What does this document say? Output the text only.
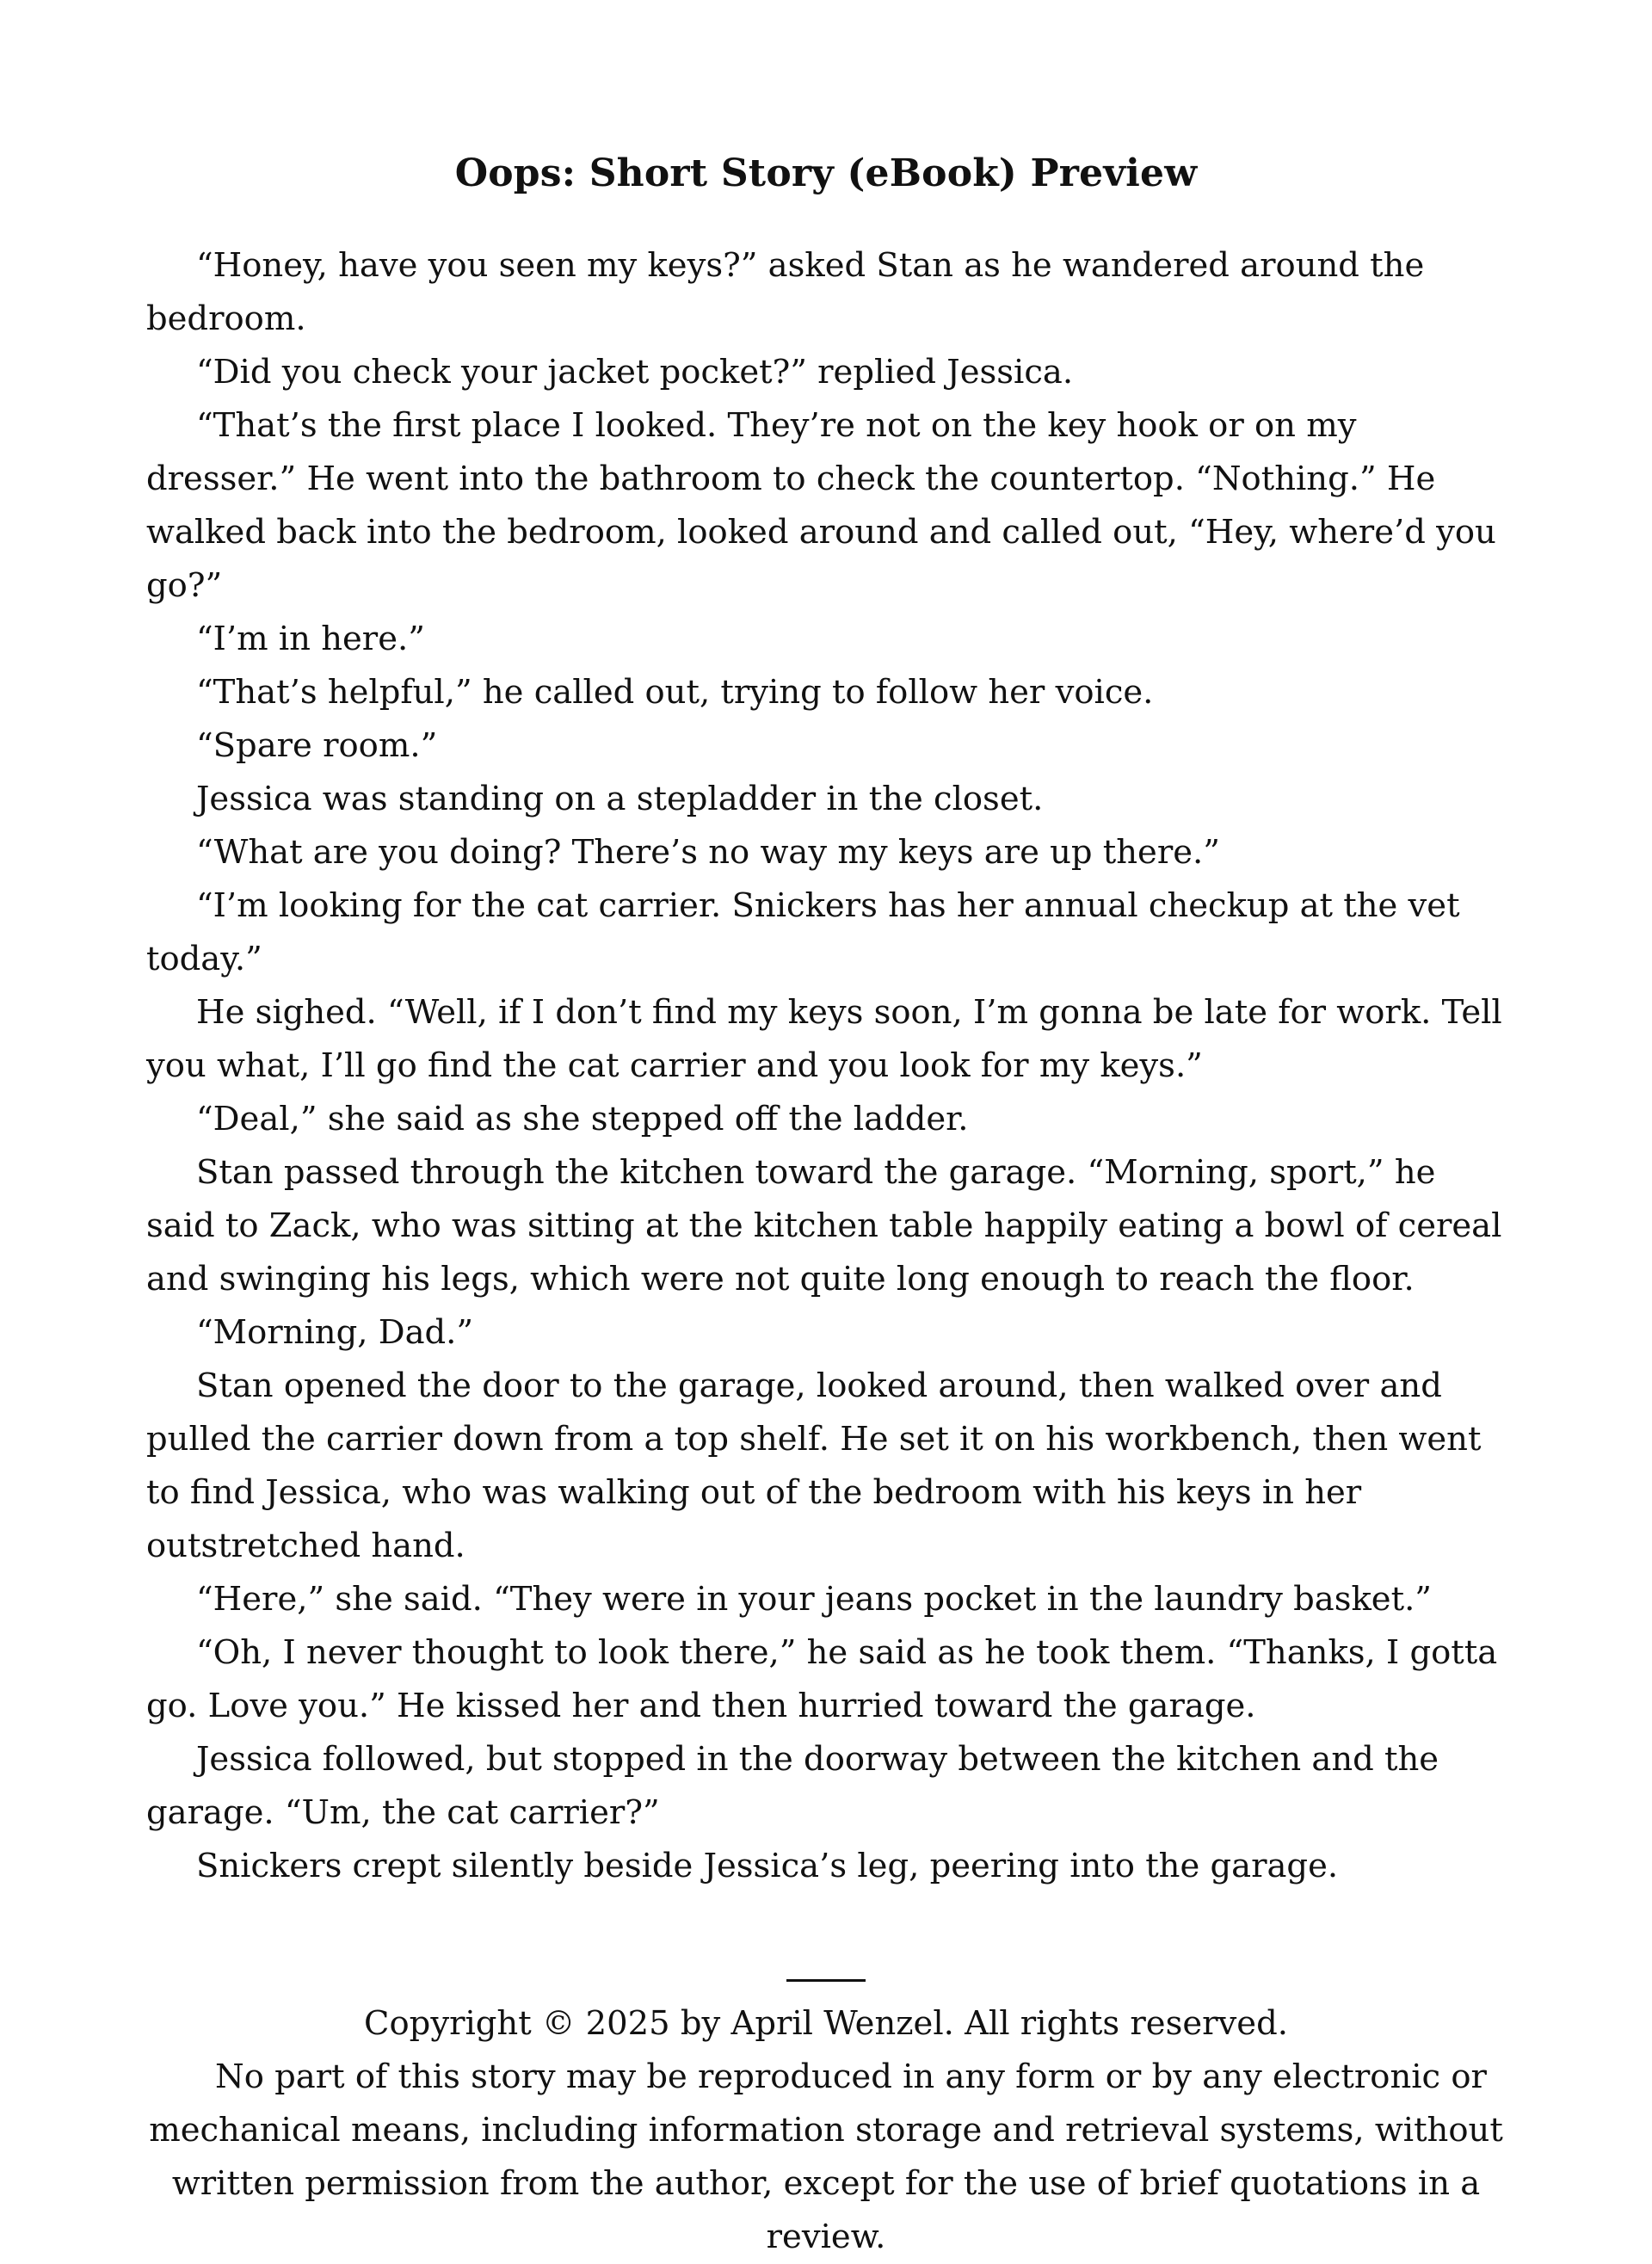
Oops: Short Story (eBook) Preview

“Honey, have you seen my keys?” asked Stan as he wandered around the bedroom.

“Did you check your jacket pocket?” replied Jessica.

“That’s the first place I looked. They’re not on the key hook or on my dresser.” He went into the bathroom to check the countertop. “Nothing.” He walked back into the bedroom, looked around and called out, “Hey, where’d you go?”

“I’m in here.”

“That’s helpful,” he called out, trying to follow her voice.

“Spare room.”

Jessica was standing on a stepladder in the closet.

“What are you doing? There’s no way my keys are up there.”

“I’m looking for the cat carrier. Snickers has her annual checkup at the vet today.”

He sighed. “Well, if I don’t find my keys soon, I’m gonna be late for work. Tell you what, I’ll go find the cat carrier and you look for my keys.”

“Deal,” she said as she stepped off the ladder.

Stan passed through the kitchen toward the garage. “Morning, sport,” he said to Zack, who was sitting at the kitchen table happily eating a bowl of cereal and swinging his legs, which were not quite long enough to reach the floor.

“Morning, Dad.”

Stan opened the door to the garage, looked around, then walked over and pulled the carrier down from a top shelf. He set it on his workbench, then went to find Jessica, who was walking out of the bedroom with his keys in her outstretched hand.

“Here,” she said. “They were in your jeans pocket in the laundry basket.”

“Oh, I never thought to look there,” he said as he took them. “Thanks, I gotta go. Love you.” He kissed her and then hurried toward the garage.

Jessica followed, but stopped in the doorway between the kitchen and the garage. “Um, the cat carrier?”

Snickers crept silently beside Jessica’s leg, peering into the garage.

Copyright © 2025 by April Wenzel. All rights reserved.

No part of this story may be reproduced in any form or by any electronic or mechanical means, including information storage and retrieval systems, without written permission from the author, except for the use of brief quotations in a review.
